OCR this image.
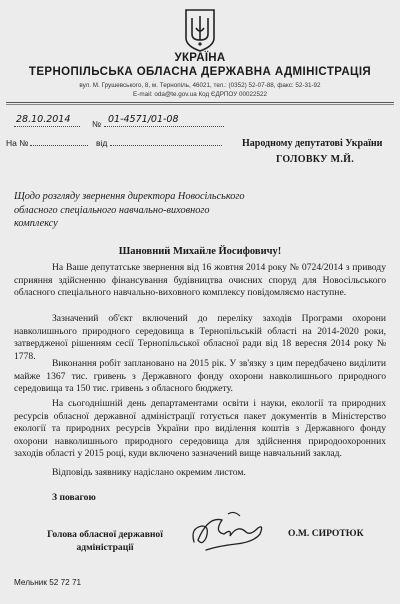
УКРАЇНА
ТЕРНОПІЛЬСЬКА ОБЛАСНА ДЕРЖАВНА АДМІНІСТРАЦІЯ
вул. М. Грушевського, 8, м. Тернопіль, 46021, тел.: (0352) 52-07-88, факс: 52-31-92
E-mail: oda@te.gov.ua Код ЄДРПОУ 00022522
28.10.2014	№ 01-4571/01-08
На №	від	Народному депутатові України
ГОЛОВКУ М.Й.
Щодо розгляду звернення директора Новосільського обласного спеціального навчально-виховного комплексу
Шановний Михайле Йосифовичу!
На Ваше депутатське звернення від 16 жовтня 2014 року № 0724/2014 з приводу сприяння здійсненню фінансування будівництва очисних споруд для Новосільського обласного спеціального навчально-виховного комплексу повідомляємо наступне.
Зазначений об'єкт включений до переліку заходів Програми охорони навколишнього природного середовища в Тернопільській області на 2014-2020 роки, затвердженої рішенням сесії Тернопільської обласної ради від 18 вересня 2014 року № 1778.
Виконання робіт заплановано на 2015 рік. У зв'язку з цим передбачено виділити майже 1367 тис. гривень з Державного фонду охорони навколишнього природного середовища та 150 тис. гривень з обласного бюджету.
На сьогоднішній день департаментами освіти і науки, екології та природних ресурсів обласної державної адміністрації готується пакет документів в Міністерство екології та природних ресурсів України про виділення коштів з Державного фонду охорони навколишнього природного середовища для здійснення природоохоронних заходів області у 2015 році, куди включено зазначений вище навчальний заклад.
Відповідь заявнику надіслано окремим листом.
З повагою
Голова обласної державної
адміністрації
О.М. СИРОТЮК
Мельник 52 72 71
